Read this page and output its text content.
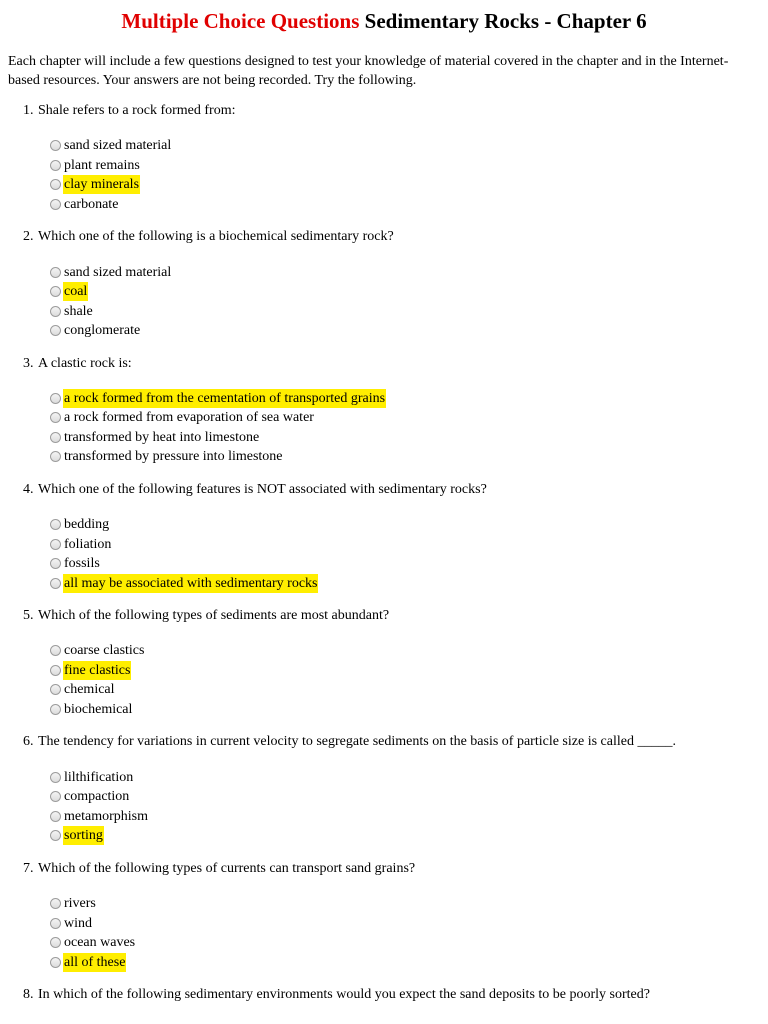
Multiple Choice Questions Sedimentary Rocks - Chapter 6

Each chapter will include a few questions designed to test your knowledge of material covered in the chapter and in the Internet-based resources. Your answers are not being recorded. Try the following.

1. Shale refers to a rock formed from:
sand sized material
plant remains
clay minerals
carbonate
2. Which one of the following is a biochemical sedimentary rock?
sand sized material
coal
shale
conglomerate
3. A clastic rock is:
a rock formed from the cementation of transported grains
a rock formed from evaporation of sea water
transformed by heat into limestone
transformed by pressure into limestone
4. Which one of the following features is NOT associated with sedimentary rocks?
bedding
foliation
fossils
all may be associated with sedimentary rocks
5. Which of the following types of sediments are most abundant?
coarse clastics
fine clastics
chemical
biochemical
6. The tendency for variations in current velocity to segregate sediments on the basis of particle size is called _____.
lilthification
compaction
metamorphism
sorting
7. Which of the following types of currents can transport sand grains?
rivers
wind
ocean waves
all of these
8. In which of the following sedimentary environments would you expect the sand deposits to be poorly sorted?
